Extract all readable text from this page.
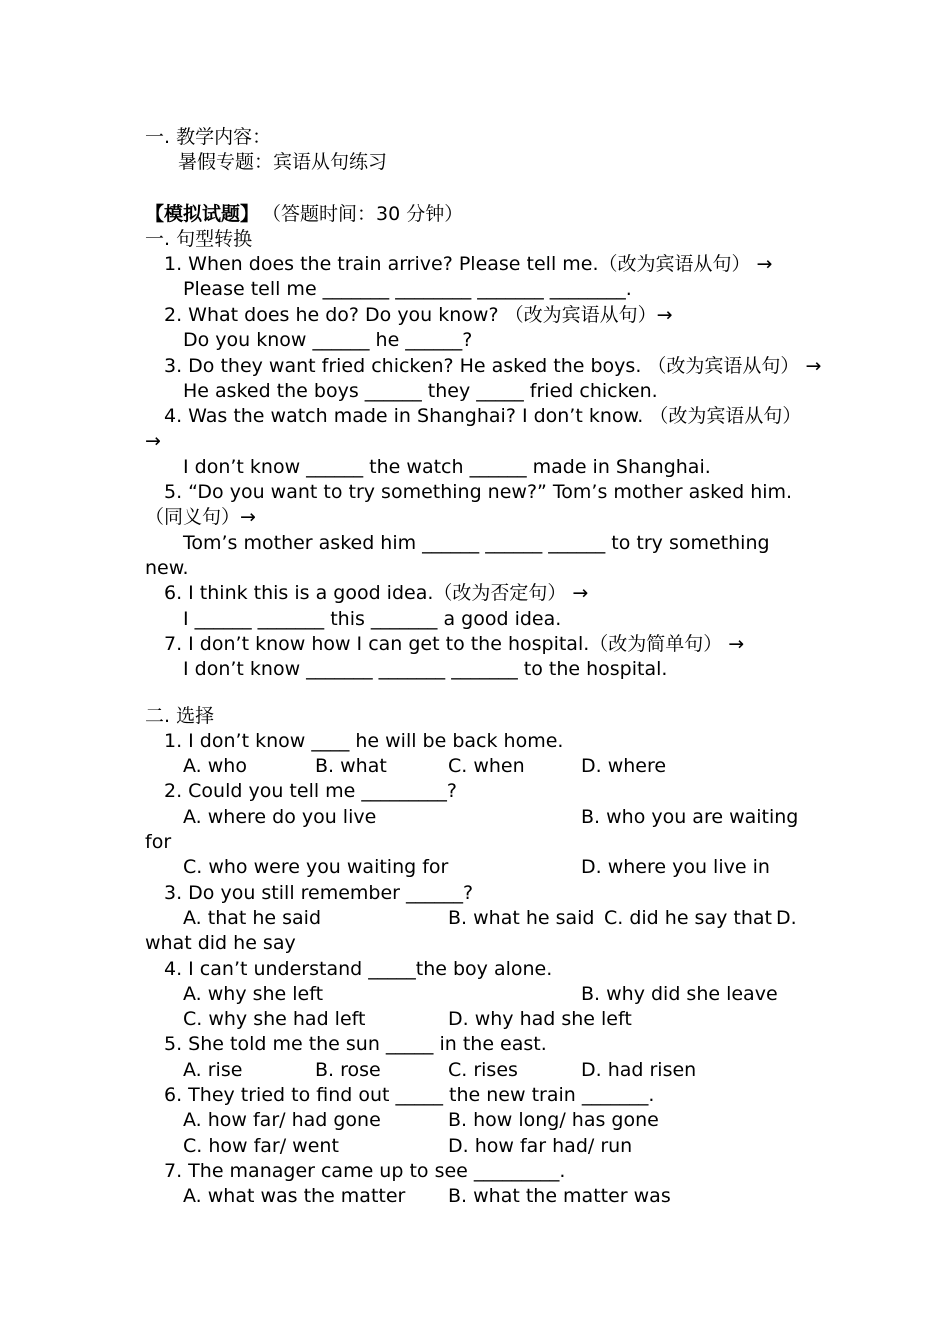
一. 教学内容：
暑假专题：宾语从句练习
【模拟试题】 （答题时间：30 分钟）
一. 句型转换
1. When does the train arrive? Please tell me.（改为宾语从句） →
Please tell me _______ ________ _______ ________.
2. What does he do? Do you know? （改为宾语从句）→
Do you know ______ he ______?
3. Do they want fried chicken? He asked the boys. （改为宾语从句） →
He asked the boys ______ they _____ fried chicken.
4. Was the watch made in Shanghai? I don’t know. （改为宾语从句）
→
I don’t know ______ the watch ______ made in Shanghai.
5. “Do you want to try something new?” Tom’s mother asked him.
（同义句）→
Tom’s mother asked him ______ ______ ______ to try something
new.
6. I think this is a good idea.（改为否定句） →
I ______ _______ this _______ a good idea.
7. I don’t know how I can get to the hospital.（改为简单句） →
I don’t know _______ _______ _______ to the hospital.
二. 选择
1. I don’t know ____ he will be back home.
A. who	B. what	C. when	D. where
2. Could you tell me _________?
A. where do you live	B. who you are waiting
for
C. who were you waiting for	D. where you live in
3. Do you still remember ______?
A. that he said	B. what he said C. did he say that D.
what did he say
4. I can’t understand _____the boy alone.
A. why she left	B. why did she leave
C. why she had left	D. why had she left
5. She told me the sun _____ in the east.
A. rise	B. rose	C. rises	D. had risen
6. They tried to find out _____ the new train _______.
A. how far/ had gone	B. how long/ has gone
C. how far/ went	D. how far had/ run
7. The manager came up to see _________.
A. what was the matter B. what the matter was
